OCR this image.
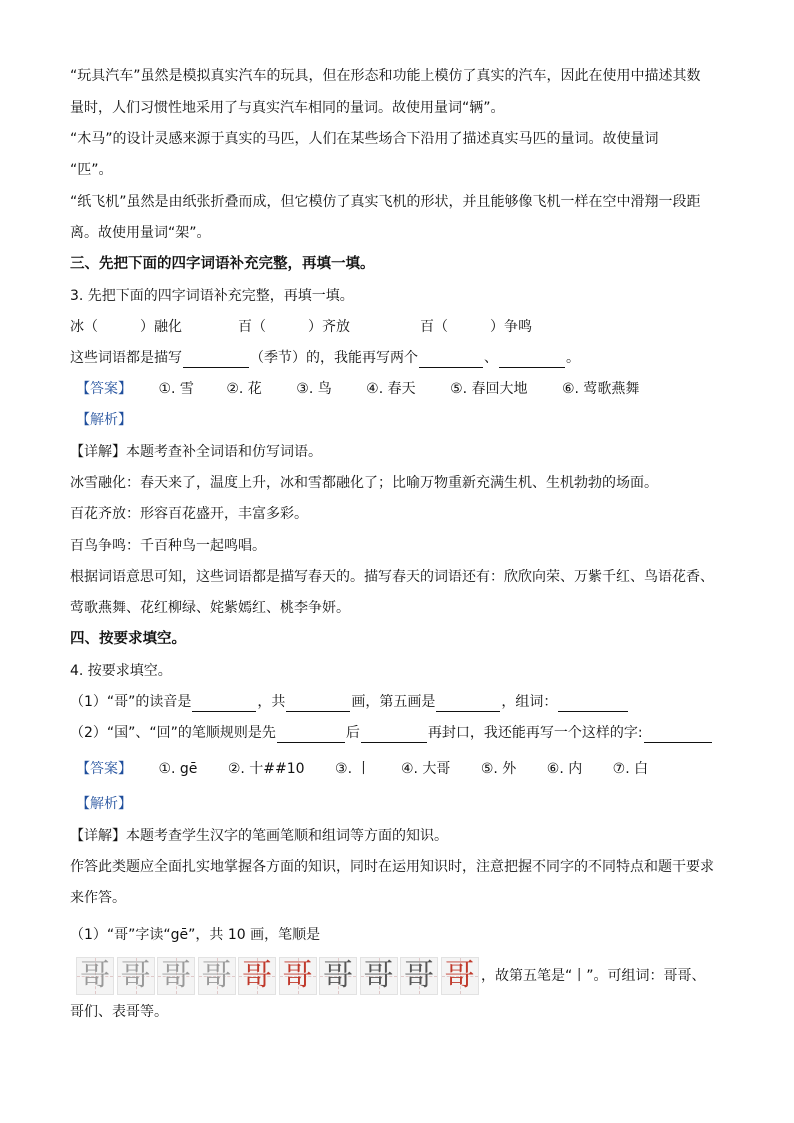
“玩具汽车”虽然是模拟真实汽车的玩具，但在形态和功能上模仿了真实的汽车，因此在使用中描述其数
量时，人们习惯性地采用了与真实汽车相同的量词。故使用量词“辆”。
“木马”的设计灵感来源于真实的马匹，人们在某些场合下沿用了描述真实马匹的量词。故使量词
“匹”。
“纸飞机”虽然是由纸张折叠而成，但它模仿了真实飞机的形状，并且能够像飞机一样在空中滑翔一段距
离。故使用量词“架”。
三、先把下面的四字词语补充完整，再填一填。
3. 先把下面的四字词语补充完整，再填一填。
冰（	）融化	百（	）齐放	百（	）争鸣
这些词语都是描写	（季节）的，我能再写两个	、	。
【答案】 ①. 雪 ②. 花 ③. 鸟 ④. 春天 ⑤. 春回大地 ⑥. 莺歌燕舞
【解析】
【详解】本题考查补全词语和仿写词语。
冰雪融化：春天来了，温度上升，冰和雪都融化了；比喻万物重新充满生机、生机勃勃的场面。
百花齐放：形容百花盛开，丰富多彩。
百鸟争鸣：千百种鸟一起鸣唱。
根据词语意思可知，这些词语都是描写春天的。描写春天的词语还有：欣欣向荣、万紫千红、鸟语花香、
莺歌燕舞、花红柳绿、姹紫嫣红、桃李争妍。
四、按要求填空。
4. 按要求填空。
（1）“哥”的读音是	，共	画，第五画是	，组词：
（2）“国”、“回”的笔顺规则是先	后	再封口，我还能再写一个这样的字:
【答案】 ①. gē ②. 十##10 ③. 丨 ④. 大哥 ⑤. 外 ⑥. 内 ⑦. 白
【解析】
【详解】本题考查学生汉字的笔画笔顺和组词等方面的知识。
作答此类题应全面扎实地掌握各方面的知识，同时在运用知识时，注意把握不同字的不同特点和题干要求
来作答。
（1）“哥”字读“gē”，共 10 画，笔顺是
哥 哥 哥 哥 哥 哥 哥 哥 哥 哥 ，故第五笔是“丨”。可组词：哥哥、
哥们、表哥等。
